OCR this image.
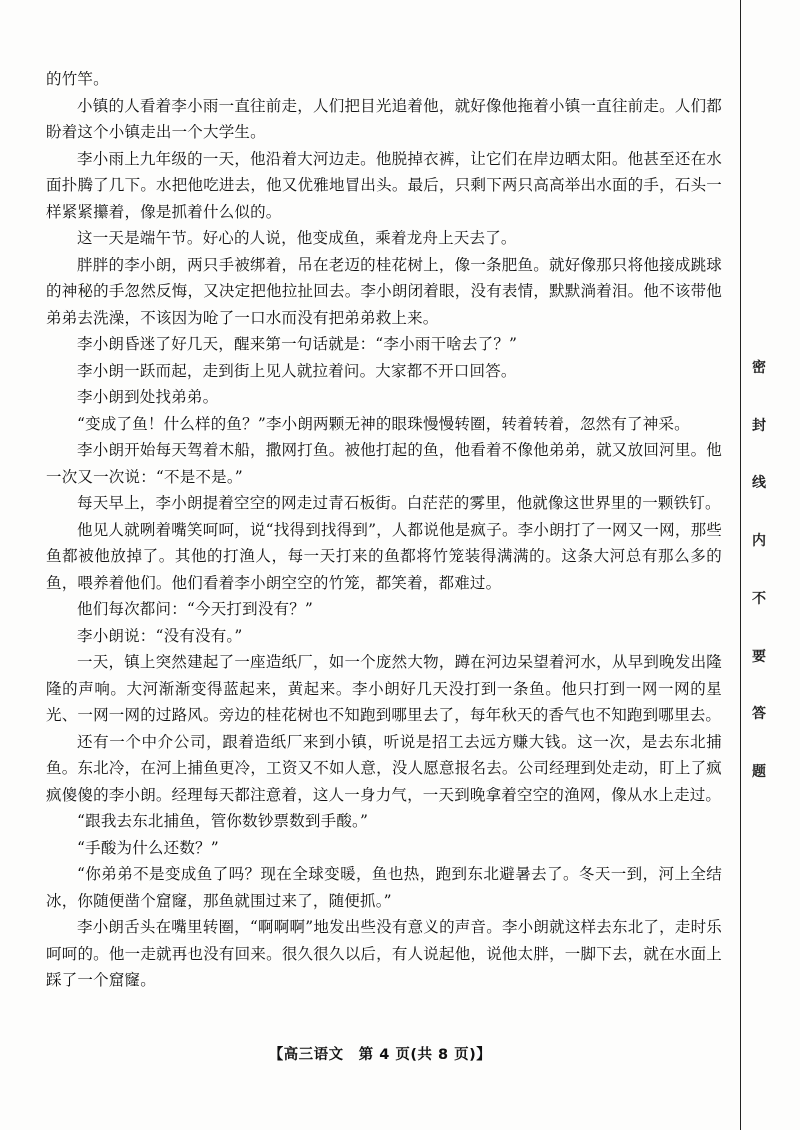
的竹竿。

小镇的人看着李小雨一直往前走，人们把目光追着他，就好像他拖着小镇一直往前走。人们都盼着这个小镇走出一个大学生。

李小雨上九年级的一天，他沿着大河边走。他脱掉衣裤，让它们在岸边晒太阳。他甚至还在水面扑腾了几下。水把他吃进去，他又优雅地冒出头。最后，只剩下两只高高举出水面的手，石头一样紧紧攥着，像是抓着什么似的。

这一天是端午节。好心的人说，他变成鱼，乘着龙舟上天去了。

胖胖的李小朗，两只手被绑着，吊在老迈的桂花树上，像一条肥鱼。就好像那只将他接成跳球的神秘的手忽然反悔，又决定把他拉扯回去。李小朗闭着眼，没有表情，默默淌着泪。他不该带他弟弟去洗澡，不该因为呛了一口水而没有把弟弟救上来。

李小朗昏迷了好几天，醒来第一句话就是：“李小雨干啥去了？”

李小朗一跃而起，走到街上见人就拉着问。大家都不开口回答。

李小朗到处找弟弟。

“变成了鱼！什么样的鱼？”李小朗两颗无神的眼珠慢慢转圈，转着转着，忽然有了神采。

李小朗开始每天驾着木船，撒网打鱼。被他打起的鱼，他看着不像他弟弟，就又放回河里。他一次又一次说：“不是不是。”

每天早上，李小朗提着空空的网走过青石板街。白茫茫的雾里，他就像这世界里的一颗铁钉。

他见人就咧着嘴笑呵呵，说“找得到找得到”，人都说他是疯子。李小朗打了一网又一网，那些鱼都被他放掉了。其他的打渔人，每一天打来的鱼都将竹笼装得满满的。这条大河总有那么多的鱼，喂养着他们。他们看着李小朗空空的竹笼，都笑着，都难过。

他们每次都问：“今天打到没有？”

李小朗说：“没有没有。”

一天，镇上突然建起了一座造纸厂，如一个庞然大物，蹲在河边呆望着河水，从早到晚发出隆隆的声响。大河渐渐变得蓝起来，黄起来。李小朗好几天没打到一条鱼。他只打到一网一网的星光、一网一网的过路风。旁边的桂花树也不知跑到哪里去了，每年秋天的香气也不知跑到哪里去。

还有一个中介公司，跟着造纸厂来到小镇，听说是招工去远方赚大钱。这一次，是去东北捕鱼。东北冷，在河上捕鱼更冷，工资又不如人意，没人愿意报名去。公司经理到处走动，盯上了疯疯傻傻的李小朗。经理每天都注意着，这人一身力气，一天到晚拿着空空的渔网，像从水上走过。

“跟我去东北捕鱼，管你数钞票数到手酸。”

“手酸为什么还数？”

“你弟弟不是变成鱼了吗？现在全球变暖，鱼也热，跑到东北避暑去了。冬天一到，河上全结冰，你随便凿个窟窿，那鱼就围过来了，随便抓。”

李小朗舌头在嘴里转圈，“啊啊啊”地发出些没有意义的声音。李小朗就这样去东北了，走时乐呵呵的。他一走就再也没有回来。很久很久以后，有人说起他，说他太胖，一脚下去，就在水面上踩了一个窟窿。

【高三语文　第 4 页(共 8 页)】
密
封
线
内
不
要
答
题
